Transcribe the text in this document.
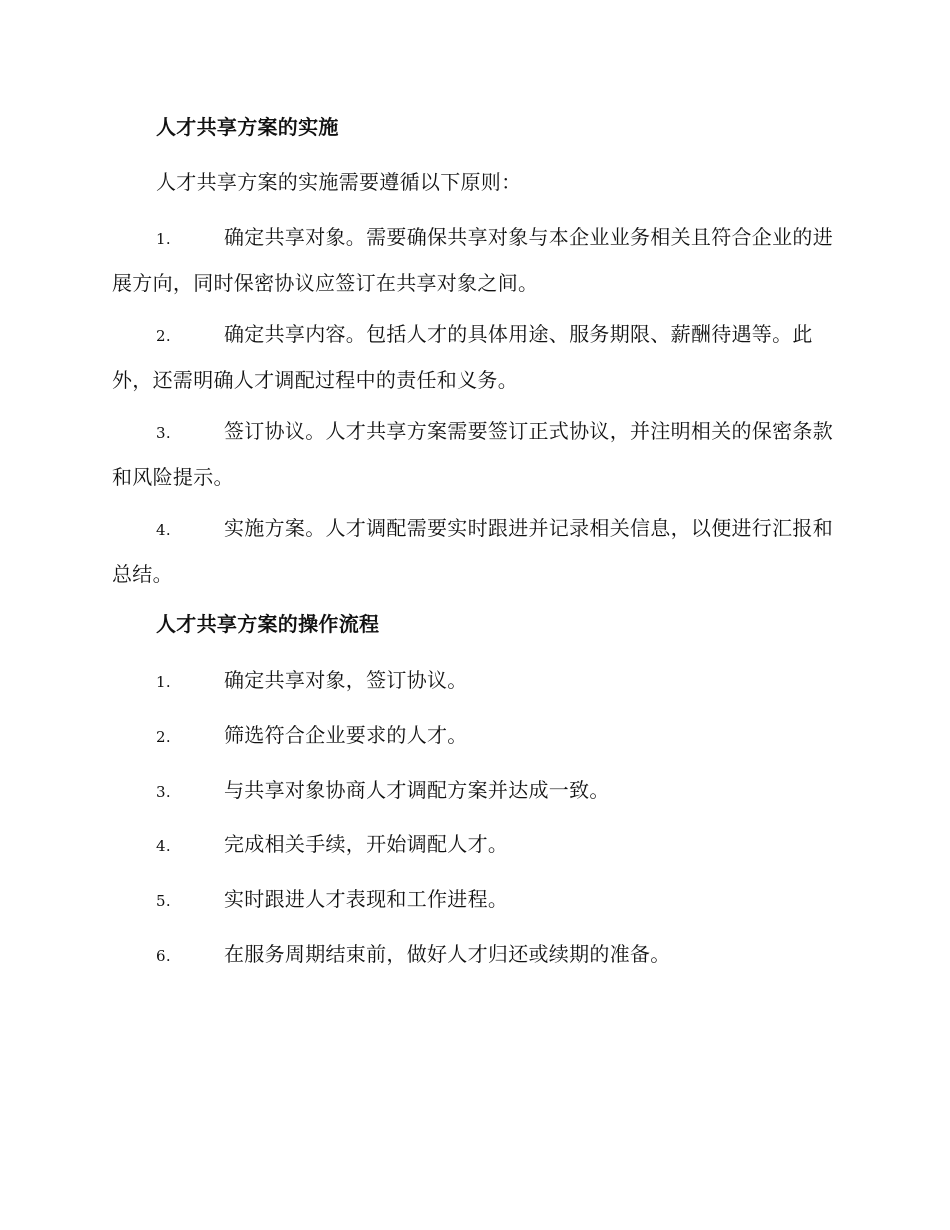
人才共享方案的实施
人才共享方案的实施需要遵循以下原则：
1.	确定共享对象。需要确保共享对象与本企业业务相关且符合企业的进展方向，同时保密协议应签订在共享对象之间。
2.	确定共享内容。包括人才的具体用途、服务期限、薪酬待遇等。此外，还需明确人才调配过程中的责任和义务。
3.	签订协议。人才共享方案需要签订正式协议，并注明相关的保密条款和风险提示。
4.	实施方案。人才调配需要实时跟进并记录相关信息，以便进行汇报和总结。
人才共享方案的操作流程
1.	确定共享对象，签订协议。
2.	筛选符合企业要求的人才。
3.	与共享对象协商人才调配方案并达成一致。
4.	完成相关手续，开始调配人才。
5.	实时跟进人才表现和工作进程。
6.	在服务周期结束前，做好人才归还或续期的准备。
